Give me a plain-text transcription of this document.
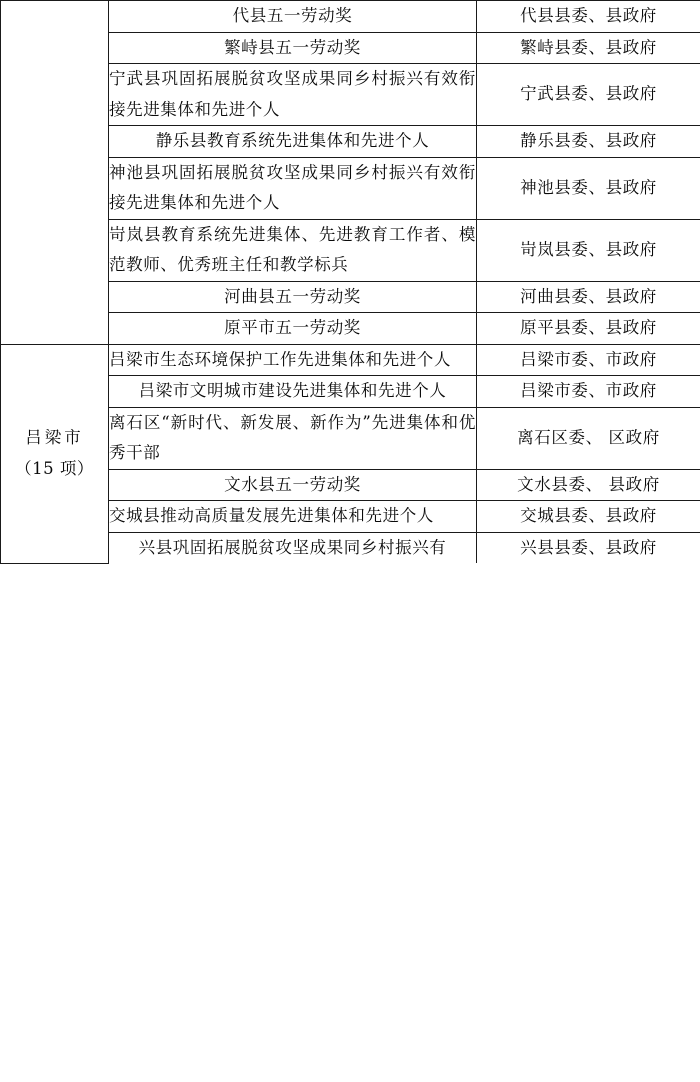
	代县五一劳动奖	代县县委、县政府
	繁峙县五一劳动奖	繁峙县委、县政府
	宁武县巩固拓展脱贫攻坚成果同乡村振兴有效衔接先进集体和先进个人	宁武县委、县政府
	静乐县教育系统先进集体和先进个人	静乐县委、县政府
	神池县巩固拓展脱贫攻坚成果同乡村振兴有效衔接先进集体和先进个人	神池县委、县政府
	岢岚县教育系统先进集体、先进教育工作者、模范教师、优秀班主任和教学标兵	岢岚县委、县政府
	河曲县五一劳动奖	河曲县委、县政府
	原平市五一劳动奖	原平县委、县政府

吕梁市
（15 项）	吕梁市生态环境保护工作先进集体和先进个人	吕梁市委、市政府
	吕梁市文明城市建设先进集体和先进个人	吕梁市委、市政府
	离石区“新时代、新发展、新作为”先进集体和优秀干部	离石区委、 区政府
	文水县五一劳动奖	文水县委、 县政府
	交城县推动高质量发展先进集体和先进个人	交城县委、县政府
	兴县巩固拓展脱贫攻坚成果同乡村振兴有	兴县县委、县政府
